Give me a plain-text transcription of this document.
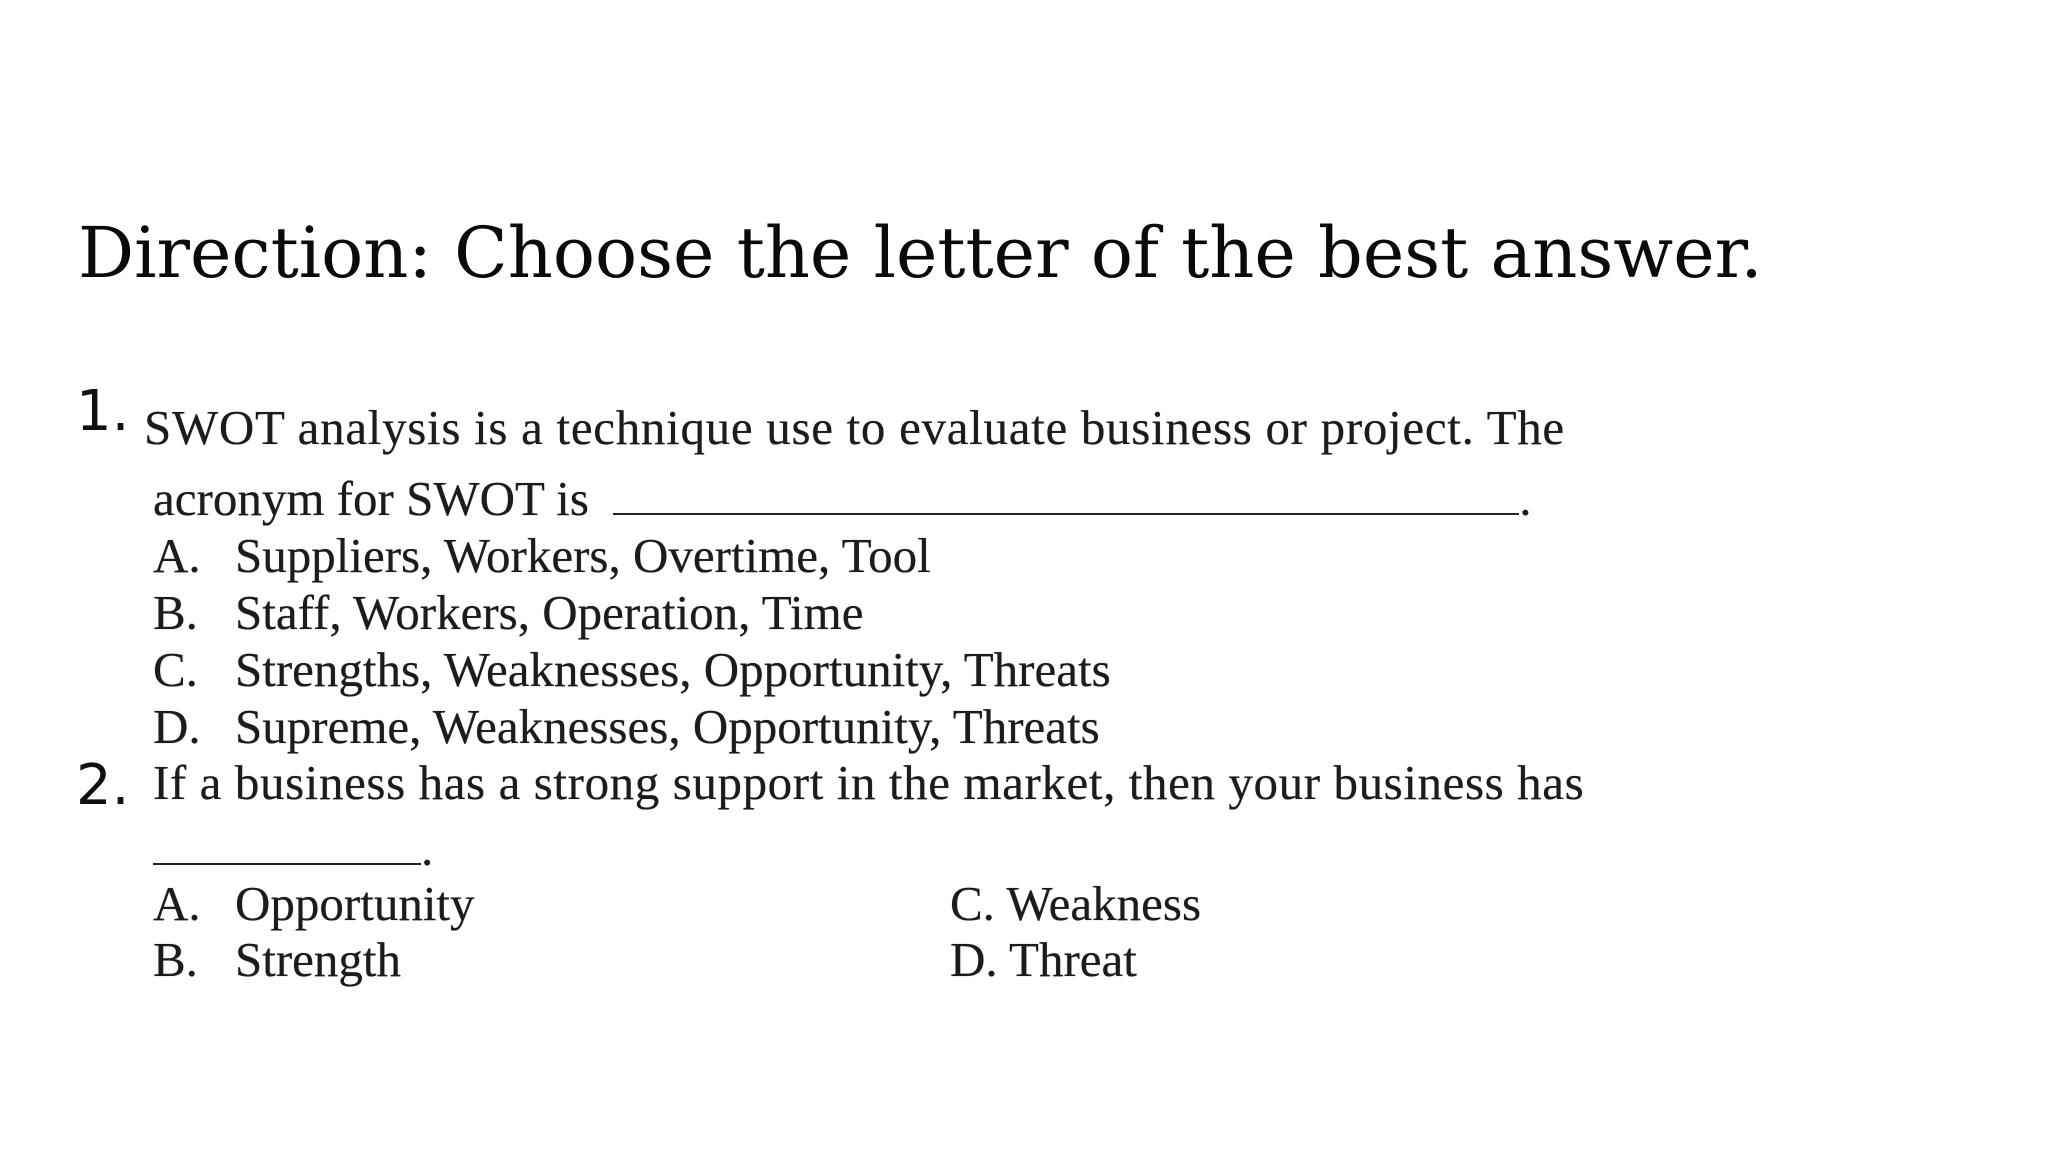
Direction: Choose the letter of the best answer.
1. SWOT analysis is a technique use to evaluate business or project. The
acronym for SWOT is	.
A. Suppliers, Workers, Overtime, Tool
B. Staff, Workers, Operation, Time
C. Strengths, Weaknesses, Opportunity, Threats
D. Supreme, Weaknesses, Opportunity, Threats
2. If a business has a strong support in the market, then your business has
.
A. Opportunity
B. Strength
C. Weakness
D. Threat
